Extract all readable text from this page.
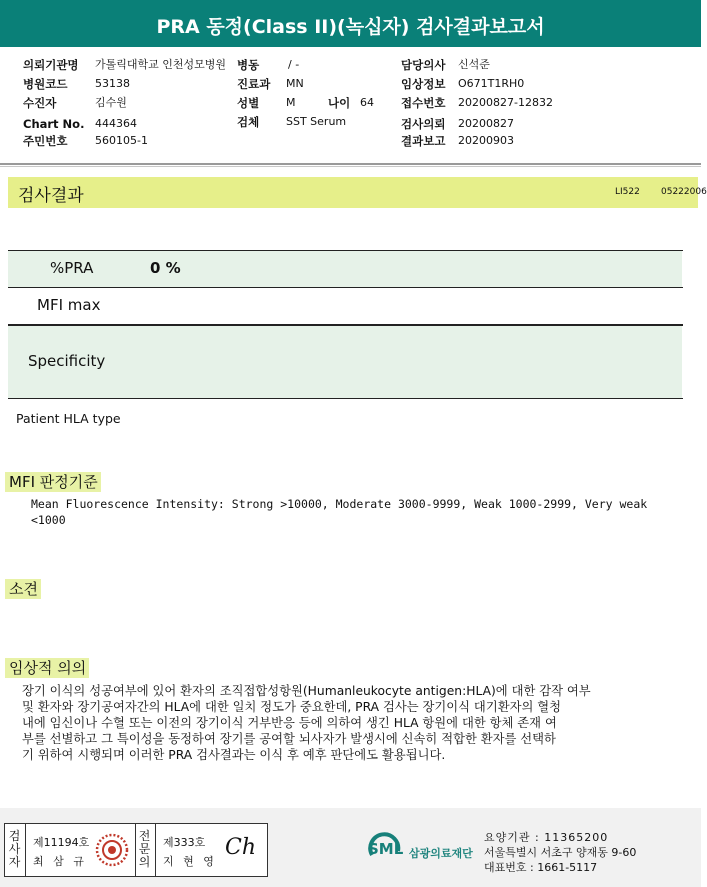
PRA 동정(Class II)(녹십자) 검사결과보고서
의뢰기관명 가톨릭대학교 인천성모병원 병동	/ -	담당의사 신석준
병원코드	53138	진료과 MN	임상정보 O671T1RH0
수진자	김수원	성별 M	나이 64 접수번호 20200827-12832
Chart No. 444364	검체 SST Serum	검사의뢰 20200827
주민번호	560105-1	결과보고 20200903
검사결과	LI522 05222006
%PRA	0 %
MFI max
Specificity
Patient HLA type
MFI 판정기준
Mean Fluorescence Intensity: Strong >10000, Moderate 3000-9999, Weak 1000-2999, Very weak
<1000
소견
임상적 의의
장기 이식의 성공여부에 있어 환자의 조직접합성항원(Humanleukocyte antigen:HLA)에 대한 감작 여부
및 환자와 장기공여자간의 HLA에 대한 일치 정도가 중요한데, PRA 검사는 장기이식 대기환자의 혈청
내에 임신이나 수혈 또는 이전의 장기이식 거부반응 등에 의하여 생긴 HLA 항원에 대한 항체 존재 여
부를 선별하고 그 특이성을 동정하여 장기를 공여할 뇌사자가 발생시에 신속히 적합한 환자를 선택하
기 위하여 시행되며 이러한 PRA 검사결과는 이식 후 예후 판단에도 활용됩니다.
검
사
자
제11194호
최 삼 규
전
문
의
제333호
지 현 영
Ch	SML 삼광의료재단
요양기관 : 11365200
서울특별시 서초구 양재동 9-60
대표번호 : 1661-5117
